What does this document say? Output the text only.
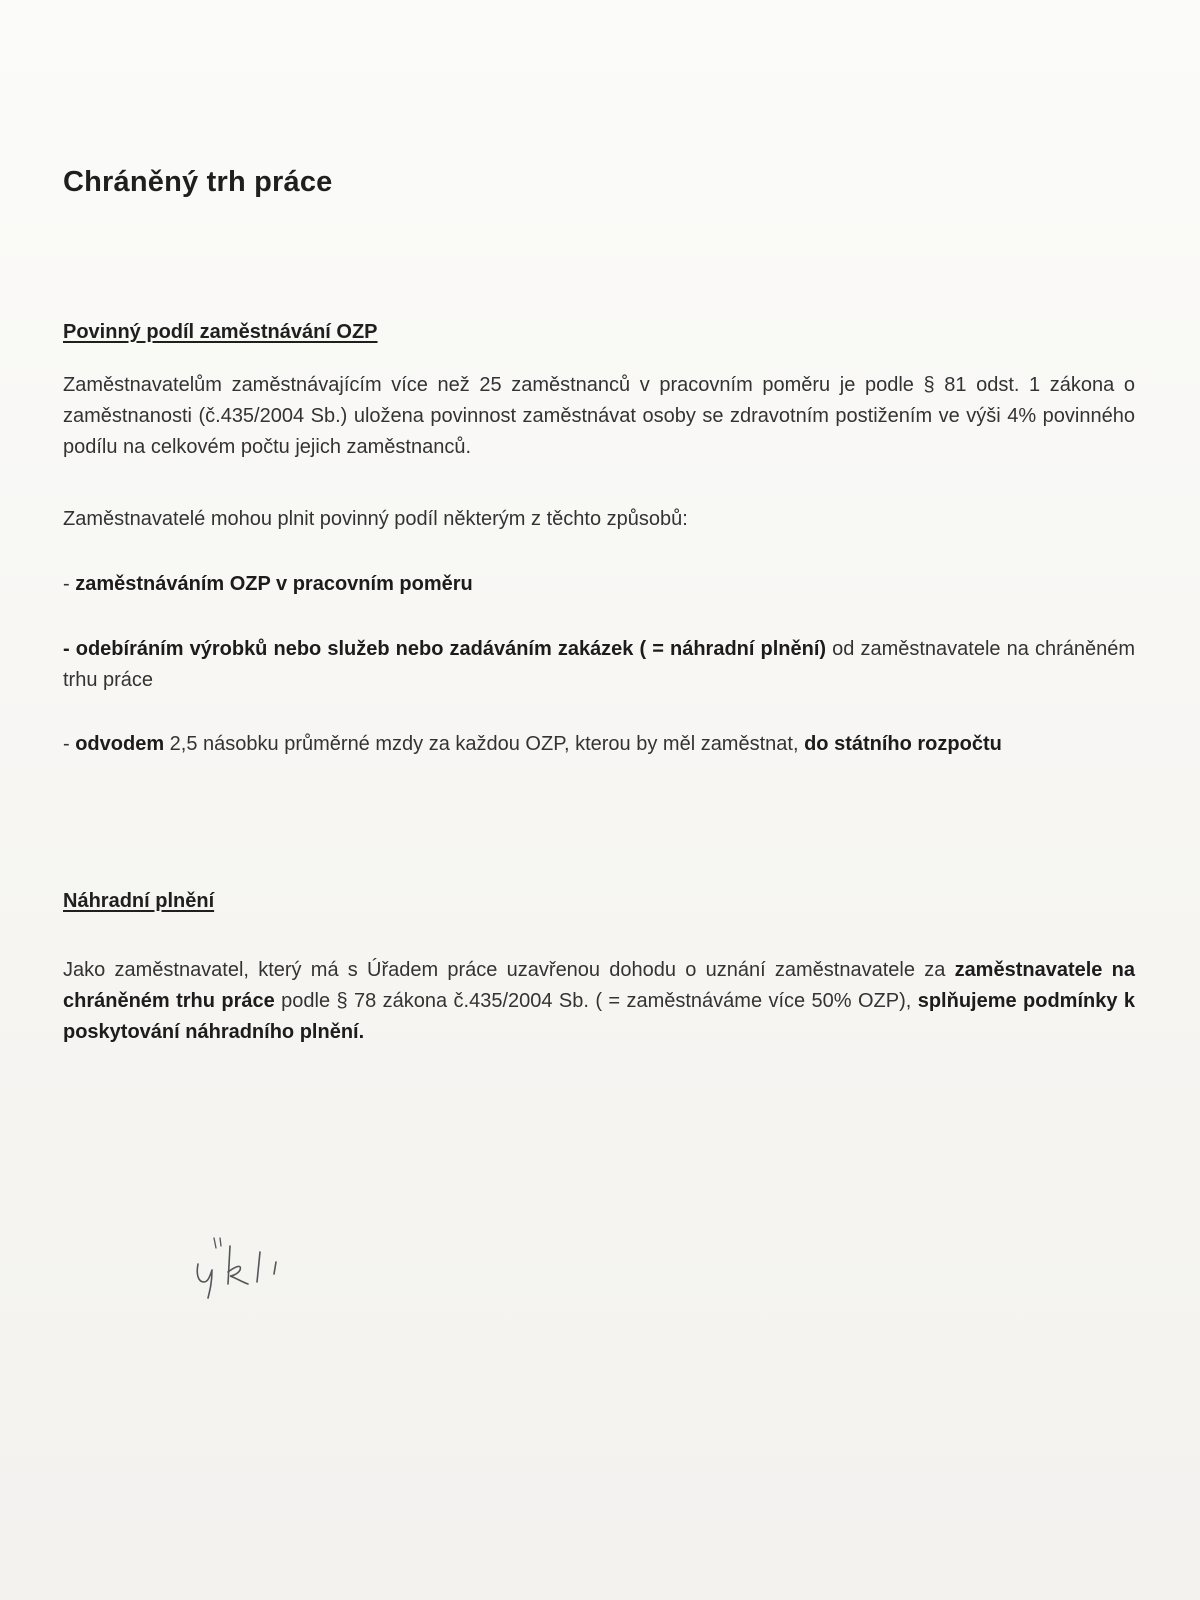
Chráněný trh práce
Povinný podíl zaměstnávání OZP

Zaměstnavatelům zaměstnávajícím více než 25 zaměstnanců v pracovním poměru je podle § 81 odst. 1 zákona o zaměstnanosti (č.435/2004 Sb.) uložena povinnost zaměstnávat osoby se zdravotním postižením ve výši 4% povinného podílu na celkovém počtu jejich zaměstnanců.

Zaměstnavatelé mohou plnit povinný podíl některým z těchto způsobů:

- zaměstnáváním OZP v pracovním poměru

- odebíráním výrobků nebo služeb nebo zadáváním zakázek ( = náhradní plnění) od zaměstnavatele na chráněném trhu práce

- odvodem 2,5 násobku průměrné mzdy za každou OZP, kterou by měl zaměstnat, do státního rozpočtu

Náhradní plnění

Jako zaměstnavatel, který má s Úřadem práce uzavřenou dohodu o uznání zaměstnavatele za zaměstnavatele na chráněném trhu práce podle § 78 zákona č.435/2004 Sb. ( = zaměstnáváme více 50% OZP), splňujeme podmínky k poskytování náhradního plnění.
